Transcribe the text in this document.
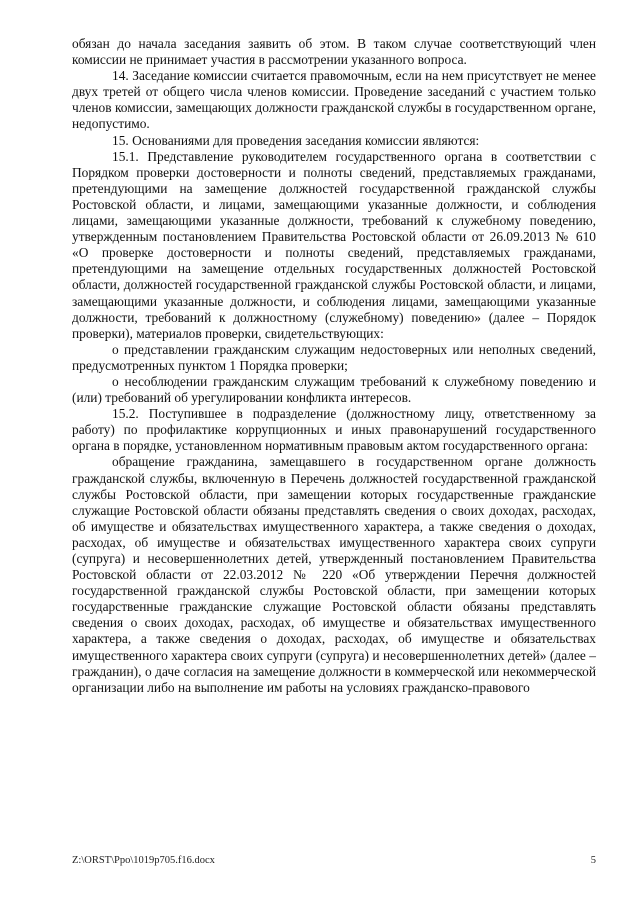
обязан до начала заседания заявить об этом. В таком случае соответствующий член комиссии не принимает участия в рассмотрении указанного вопроса.

14. Заседание комиссии считается правомочным, если на нем присутствует не менее двух третей от общего числа членов комиссии. Проведение заседаний с участием только членов комиссии, замещающих должности гражданской службы в государственном органе, недопустимо.

15. Основаниями для проведения заседания комиссии являются:

15.1. Представление руководителем государственного органа в соответствии с Порядком проверки достоверности и полноты сведений, представляемых гражданами, претендующими на замещение должностей государственной гражданской службы Ростовской области, и лицами, замещающими указанные должности, и соблюдения лицами, замещающими указанные должности, требований к служебному поведению, утвержденным постановлением Правительства Ростовской области от 26.09.2013 № 610 «О проверке достоверности и полноты сведений, представляемых гражданами, претендующими на замещение отдельных государственных должностей Ростовской области, должностей государственной гражданской службы Ростовской области, и лицами, замещающими указанные должности, и соблюдения лицами, замещающими указанные должности, требований к должностному (служебному) поведению» (далее – Порядок проверки), материалов проверки, свидетельствующих:

о представлении гражданским служащим недостоверных или неполных сведений, предусмотренных пунктом 1 Порядка проверки;

о несоблюдении гражданским служащим требований к служебному поведению и (или) требований об урегулировании конфликта интересов.

15.2. Поступившее в подразделение (должностному лицу, ответственному за работу) по профилактике коррупционных и иных правонарушений государственного органа в порядке, установленном нормативным правовым актом государственного органа:

обращение гражданина, замещавшего в государственном органе должность гражданской службы, включенную в Перечень должностей государственной гражданской службы Ростовской области, при замещении которых государственные гражданские служащие Ростовской области обязаны представлять сведения о своих доходах, расходах, об имуществе и обязательствах имущественного характера, а также сведения о доходах, расходах, об имуществе и обязательствах имущественного характера своих супруги (супруга) и несовершеннолетних детей, утвержденный постановлением Правительства Ростовской области от 22.03.2012 № 220 «Об утверждении Перечня должностей государственной гражданской службы Ростовской области, при замещении которых государственные гражданские служащие Ростовской области обязаны представлять сведения о своих доходах, расходах, об имуществе и обязательствах имущественного характера, а также сведения о доходах, расходах, об имуществе и обязательствах имущественного характера своих супруги (супруга) и несовершеннолетних детей» (далее – гражданин), о даче согласия на замещение должности в коммерческой или некоммерческой организации либо на выполнение им работы на условиях гражданско-правового

Z:\ORST\Ppo\1019p705.f16.docx	5
